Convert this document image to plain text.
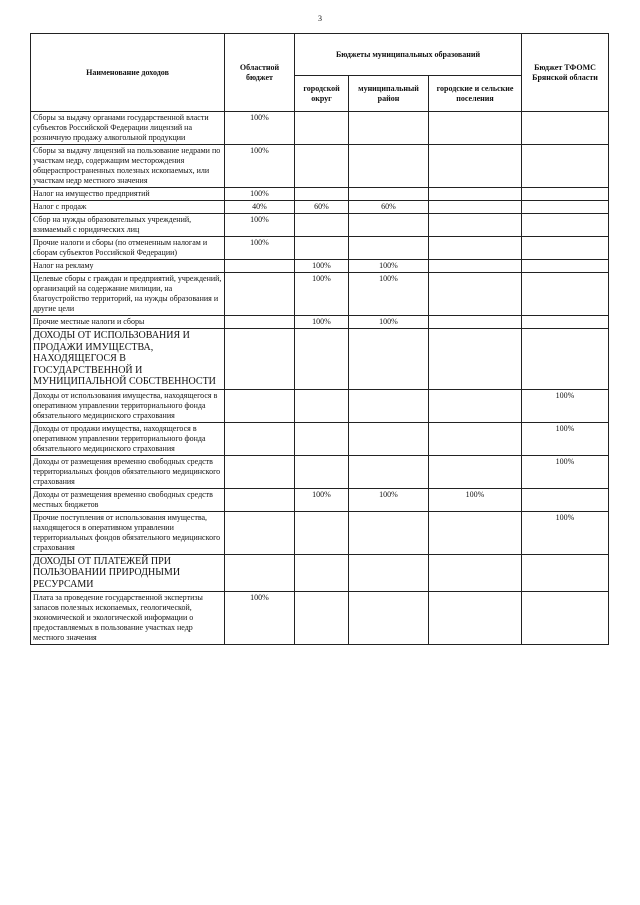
3
Наименование доходов	Областной бюджет	Бюджеты муниципальных образований			Бюджет ТФОМС Брянской области
		городской округ	муниципальный район	городские и сельские поселения	
Сборы за выдачу органами государственной власти субъектов Российской Федерации лицензий на розничную продажу алкогольной продукции	100%				
Сборы за выдачу лицензий на пользование недрами по участкам недр, содержащим месторождения общераспространенных полезных ископаемых, или участкам недр местного значения	100%				
Налог на имущество предприятий	100%				
Налог с продаж	40%	60%	60%		
Сбор на нужды образовательных учреждений, взимаемый с юридических лиц	100%				
Прочие налоги и сборы (по отмененным налогам и сборам субъектов Российской Федерации)	100%				
Налог на рекламу		100%	100%		
Целевые сборы с граждан и предприятий, учреждений, организаций на содержание милиции, на благоустройство территорий, на нужды образования и другие цели		100%	100%		
Прочие местные налоги и сборы		100%	100%		
ДОХОДЫ ОТ ИСПОЛЬЗОВАНИЯ И ПРОДАЖИ ИМУЩЕСТВА, НАХОДЯЩЕГОСЯ В ГОСУДАРСТВЕННОЙ И МУНИЦИПАЛЬНОЙ СОБСТВЕННОСТИ					
Доходы от использования имущества, находящегося в оперативном управлении территориального фонда обязательного медицинского страхования					100%
Доходы от продажи имущества, находящегося в оперативном управлении территориального фонда обязательного медицинского страхования					100%
Доходы от размещения временно свободных средств территориальных фондов обязательного медицинского страхования					100%
Доходы от размещения временно свободных средств местных бюджетов		100%	100%	100%	
Прочие поступления от использования имущества, находящегося в оперативном управлении территориальных фондов обязательного медицинского страхования					100%
ДОХОДЫ ОТ ПЛАТЕЖЕЙ ПРИ ПОЛЬЗОВАНИИ ПРИРОДНЫМИ РЕСУРСАМИ					
Плата за проведение государственной экспертизы запасов полезных ископаемых, геологической, экономической и экологической информации о предоставляемых в пользование участках недр местного значения	100%				
